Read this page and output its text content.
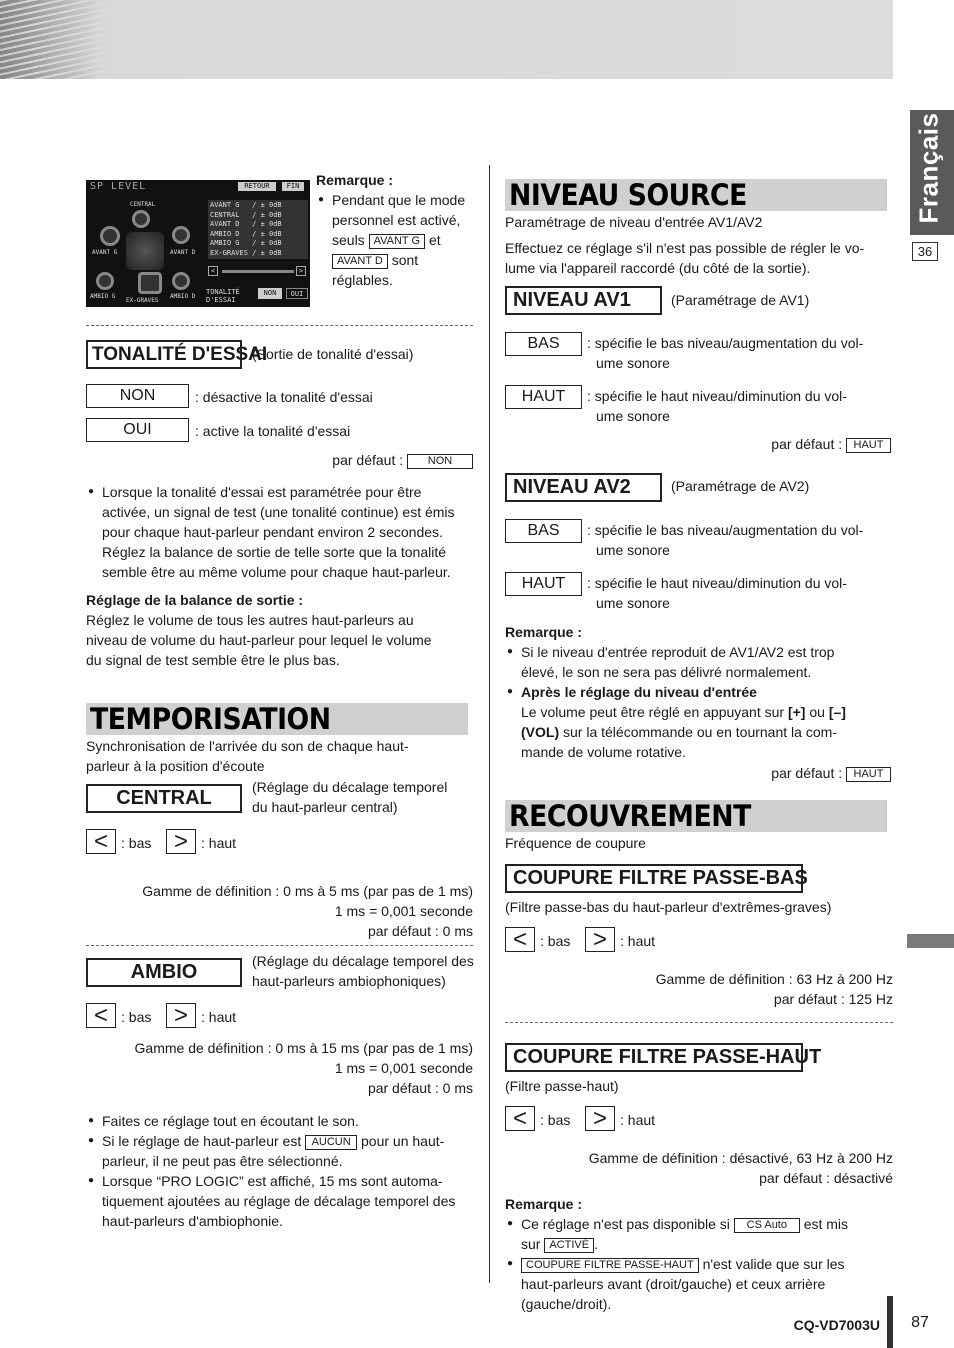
Français
36
SP LEVEL	RETOUR	FIN
CENTRAL
AVANT G	AVANT D
AMBIO G
EX-GRAVES
AMBIO D
AVANT G   / ± 0dB
CENTRAL   / ± 0dB
AVANT D   / ± 0dB
AMBIO D   / ± 0dB
AMBIO G   / ± 0dB
EX-GRAVES / ± 0dB
<	>
TONALITÉ
D'ESSAI
NON	OUI
Remarque :
● Pendant que le mode
personnel est activé,
seuls AVANT G et
AVANT D sont
réglables.
TONALITÉ D'ESSAI
(Sortie de tonalité d'essai)
NON	: désactive la tonalité d'essai
OUI	: active la tonalité d'essai
par défaut : NON
● Lorsque la tonalité d'essai est paramétrée pour être
activée, un signal de test (une tonalité continue) est émis
pour chaque haut-parleur pendant environ 2 secondes.
Réglez la balance de sortie de telle sorte que la tonalité
semble être au même volume pour chaque haut-parleur.
Réglage de la balance de sortie :
Réglez le volume de tous les autres haut-parleurs au
niveau de volume du haut-parleur pour lequel le volume
du signal de test semble être le plus bas.
TEMPORISATION
Synchronisation de l'arrivée du son de chaque haut-
parleur à la position d'écoute
CENTRAL	(Réglage du décalage temporel
du haut-parleur central)
< : bas > : haut
Gamme de définition : 0 ms à 5 ms (par pas de 1 ms)
1 ms = 0,001 seconde
par défaut : 0 ms
AMBIO	(Réglage du décalage temporel des
haut-parleurs ambiophoniques)
< : bas > : haut
Gamme de définition : 0 ms à 15 ms (par pas de 1 ms)
1 ms = 0,001 seconde
par défaut : 0 ms
● Faites ce réglage tout en écoutant le son.
● Si le réglage de haut-parleur est AUCUN pour un haut-
parleur, il ne peut pas être sélectionné.
● Lorsque “PRO LOGIC” est affiché, 15 ms sont automa-
tiquement ajoutées au réglage de décalage temporel des
haut-parleurs d'ambiophonie.
NIVEAU SOURCE
Paramétrage de niveau d'entrée AV1/AV2
Effectuez ce réglage s'il n'est pas possible de régler le vo-
lume via l'appareil raccordé (du côté de la sortie).
NIVEAU AV1	(Paramétrage de AV1)
BAS	: spécifie le bas niveau/augmentation du vol-
ume sonore
HAUT	: spécifie le haut niveau/diminution du vol-
ume sonore
par défaut : HAUT
NIVEAU AV2	(Paramétrage de AV2)
BAS	: spécifie le bas niveau/augmentation du vol-
ume sonore
HAUT	: spécifie le haut niveau/diminution du vol-
ume sonore
Remarque :
● Si le niveau d'entrée reproduit de AV1/AV2 est trop
élevé, le son ne sera pas délivré normalement.
● Après le réglage du niveau d'entrée
Le volume peut être réglé en appuyant sur [+] ou [–]
(VOL) sur la télécommande ou en tournant la com-
mande de volume rotative.
par défaut : HAUT
RECOUVREMENT
Fréquence de coupure
COUPURE FILTRE PASSE-BAS
(Filtre passe-bas du haut-parleur d'extrêmes-graves)
< : bas > : haut
Gamme de définition : 63 Hz à 200 Hz
par défaut : 125 Hz
COUPURE FILTRE PASSE-HAUT
(Filtre passe-haut)
< : bas > : haut
Gamme de définition : désactivé, 63 Hz à 200 Hz
par défaut : désactivé
Remarque :
● Ce réglage n'est pas disponible si CS Auto est mis
sur ACTIVÉ .
● COUPURE FILTRE PASSE-HAUT n'est valide que sur les
haut-parleurs avant (droit/gauche) et ceux arrière
(gauche/droit).
CQ-VD7003U	87
